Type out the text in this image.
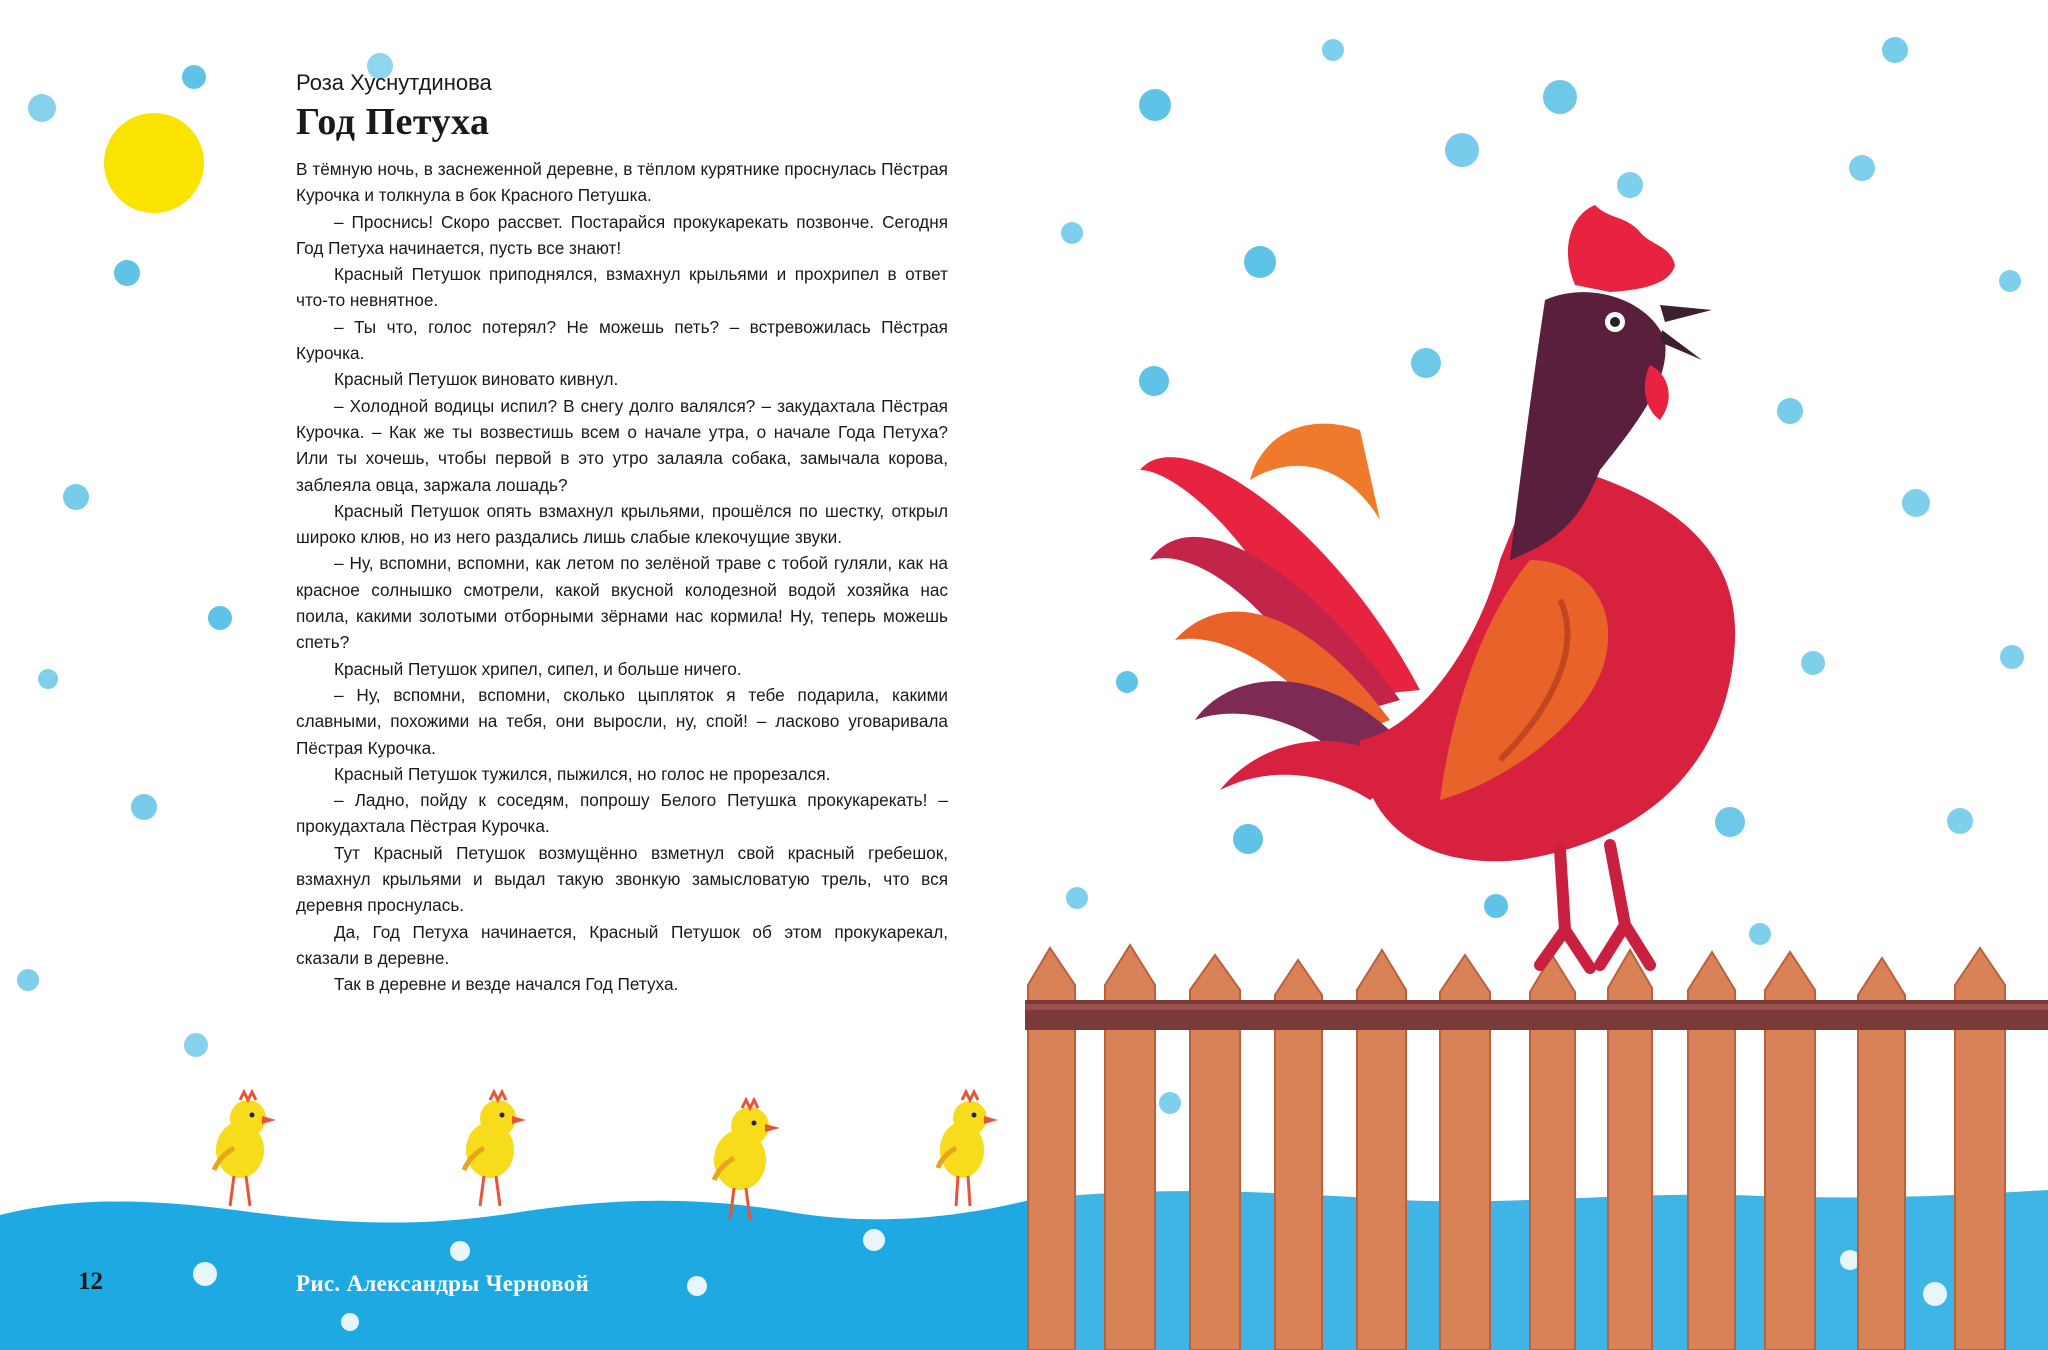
Роза Хуснутдинова
Год Петуха

В тёмную ночь, в заснеженной деревне, в тёплом курятнике проснулась Пёстрая Курочка и толкнула в бок Красного Петушка.

– Проснись! Скоро рассвет. Постарайся прокукарекать позвонче. Сегодня Год Петуха начинается, пусть все знают!

Красный Петушок приподнялся, взмахнул крыльями и прохрипел в ответ что-то невнятное.

– Ты что, голос потерял? Не можешь петь? – встревожилась Пёстрая Курочка.

Красный Петушок виновато кивнул.

– Холодной водицы испил? В снегу долго валялся? – закудахтала Пёстрая Курочка. – Как же ты возвестишь всем о начале утра, о начале Года Петуха? Или ты хочешь, чтобы первой в это утро залаяла собака, замычала корова, заблеяла овца, заржала лошадь?

Красный Петушок опять взмахнул крыльями, прошёлся по шестку, открыл широко клюв, но из него раздались лишь слабые клекочущие звуки.

– Ну, вспомни, вспомни, как летом по зелёной траве с тобой гуляли, как на красное солнышко смотрели, какой вкусной колодезной водой хозяйка нас поила, какими золотыми отборными зёрнами нас кормила! Ну, теперь можешь спеть?

Красный Петушок хрипел, сипел, и больше ничего.

– Ну, вспомни, вспомни, сколько цыпляток я тебе подарила, какими славными, похожими на тебя, они выросли, ну, спой! – ласково уговаривала Пёстрая Курочка.

Красный Петушок тужился, пыжился, но голос не прорезался.

– Ладно, пойду к соседям, попрошу Белого Петушка прокукарекать! – прокудахтала Пёстрая Курочка.

Тут Красный Петушок возмущённо взметнул свой красный гребешок, взмахнул крыльями и выдал такую звонкую замысловатую трель, что вся деревня проснулась.

Да, Год Петуха начинается, Красный Петушок об этом прокукарекал, сказали в деревне.

Так в деревне и везде начался Год Петуха.

12	Рис. Александры Черновой
